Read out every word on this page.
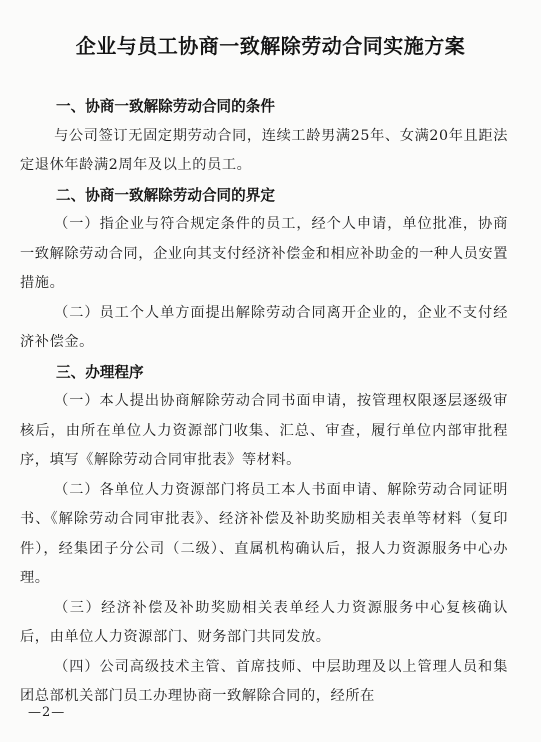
企业与员工协商一致解除劳动合同实施方案

一、协商一致解除劳动合同的条件

与公司签订无固定期劳动合同，连续工龄男满25年、女满20年且距法定退休年龄满2周年及以上的员工。

二、协商一致解除劳动合同的界定

（一）指企业与符合规定条件的员工，经个人申请，单位批准，协商一致解除劳动合同，企业向其支付经济补偿金和相应补助金的一种人员安置措施。

（二）员工个人单方面提出解除劳动合同离开企业的，企业不支付经济补偿金。

三、办理程序

（一）本人提出协商解除劳动合同书面申请，按管理权限逐层逐级审核后，由所在单位人力资源部门收集、汇总、审查，履行单位内部审批程序，填写《解除劳动合同审批表》等材料。

（二）各单位人力资源部门将员工本人书面申请、解除劳动合同证明书、《解除劳动合同审批表》、经济补偿及补助奖励相关表单等材料（复印件），经集团子分公司（二级）、直属机构确认后，报人力资源服务中心办理。

（三）经济补偿及补助奖励相关表单经人力资源服务中心复核确认后，由单位人力资源部门、财务部门共同发放。

（四）公司高级技术主管、首席技师、中层助理及以上管理人员和集团总部机关部门员工办理协商一致解除合同的，经所在

—2—
